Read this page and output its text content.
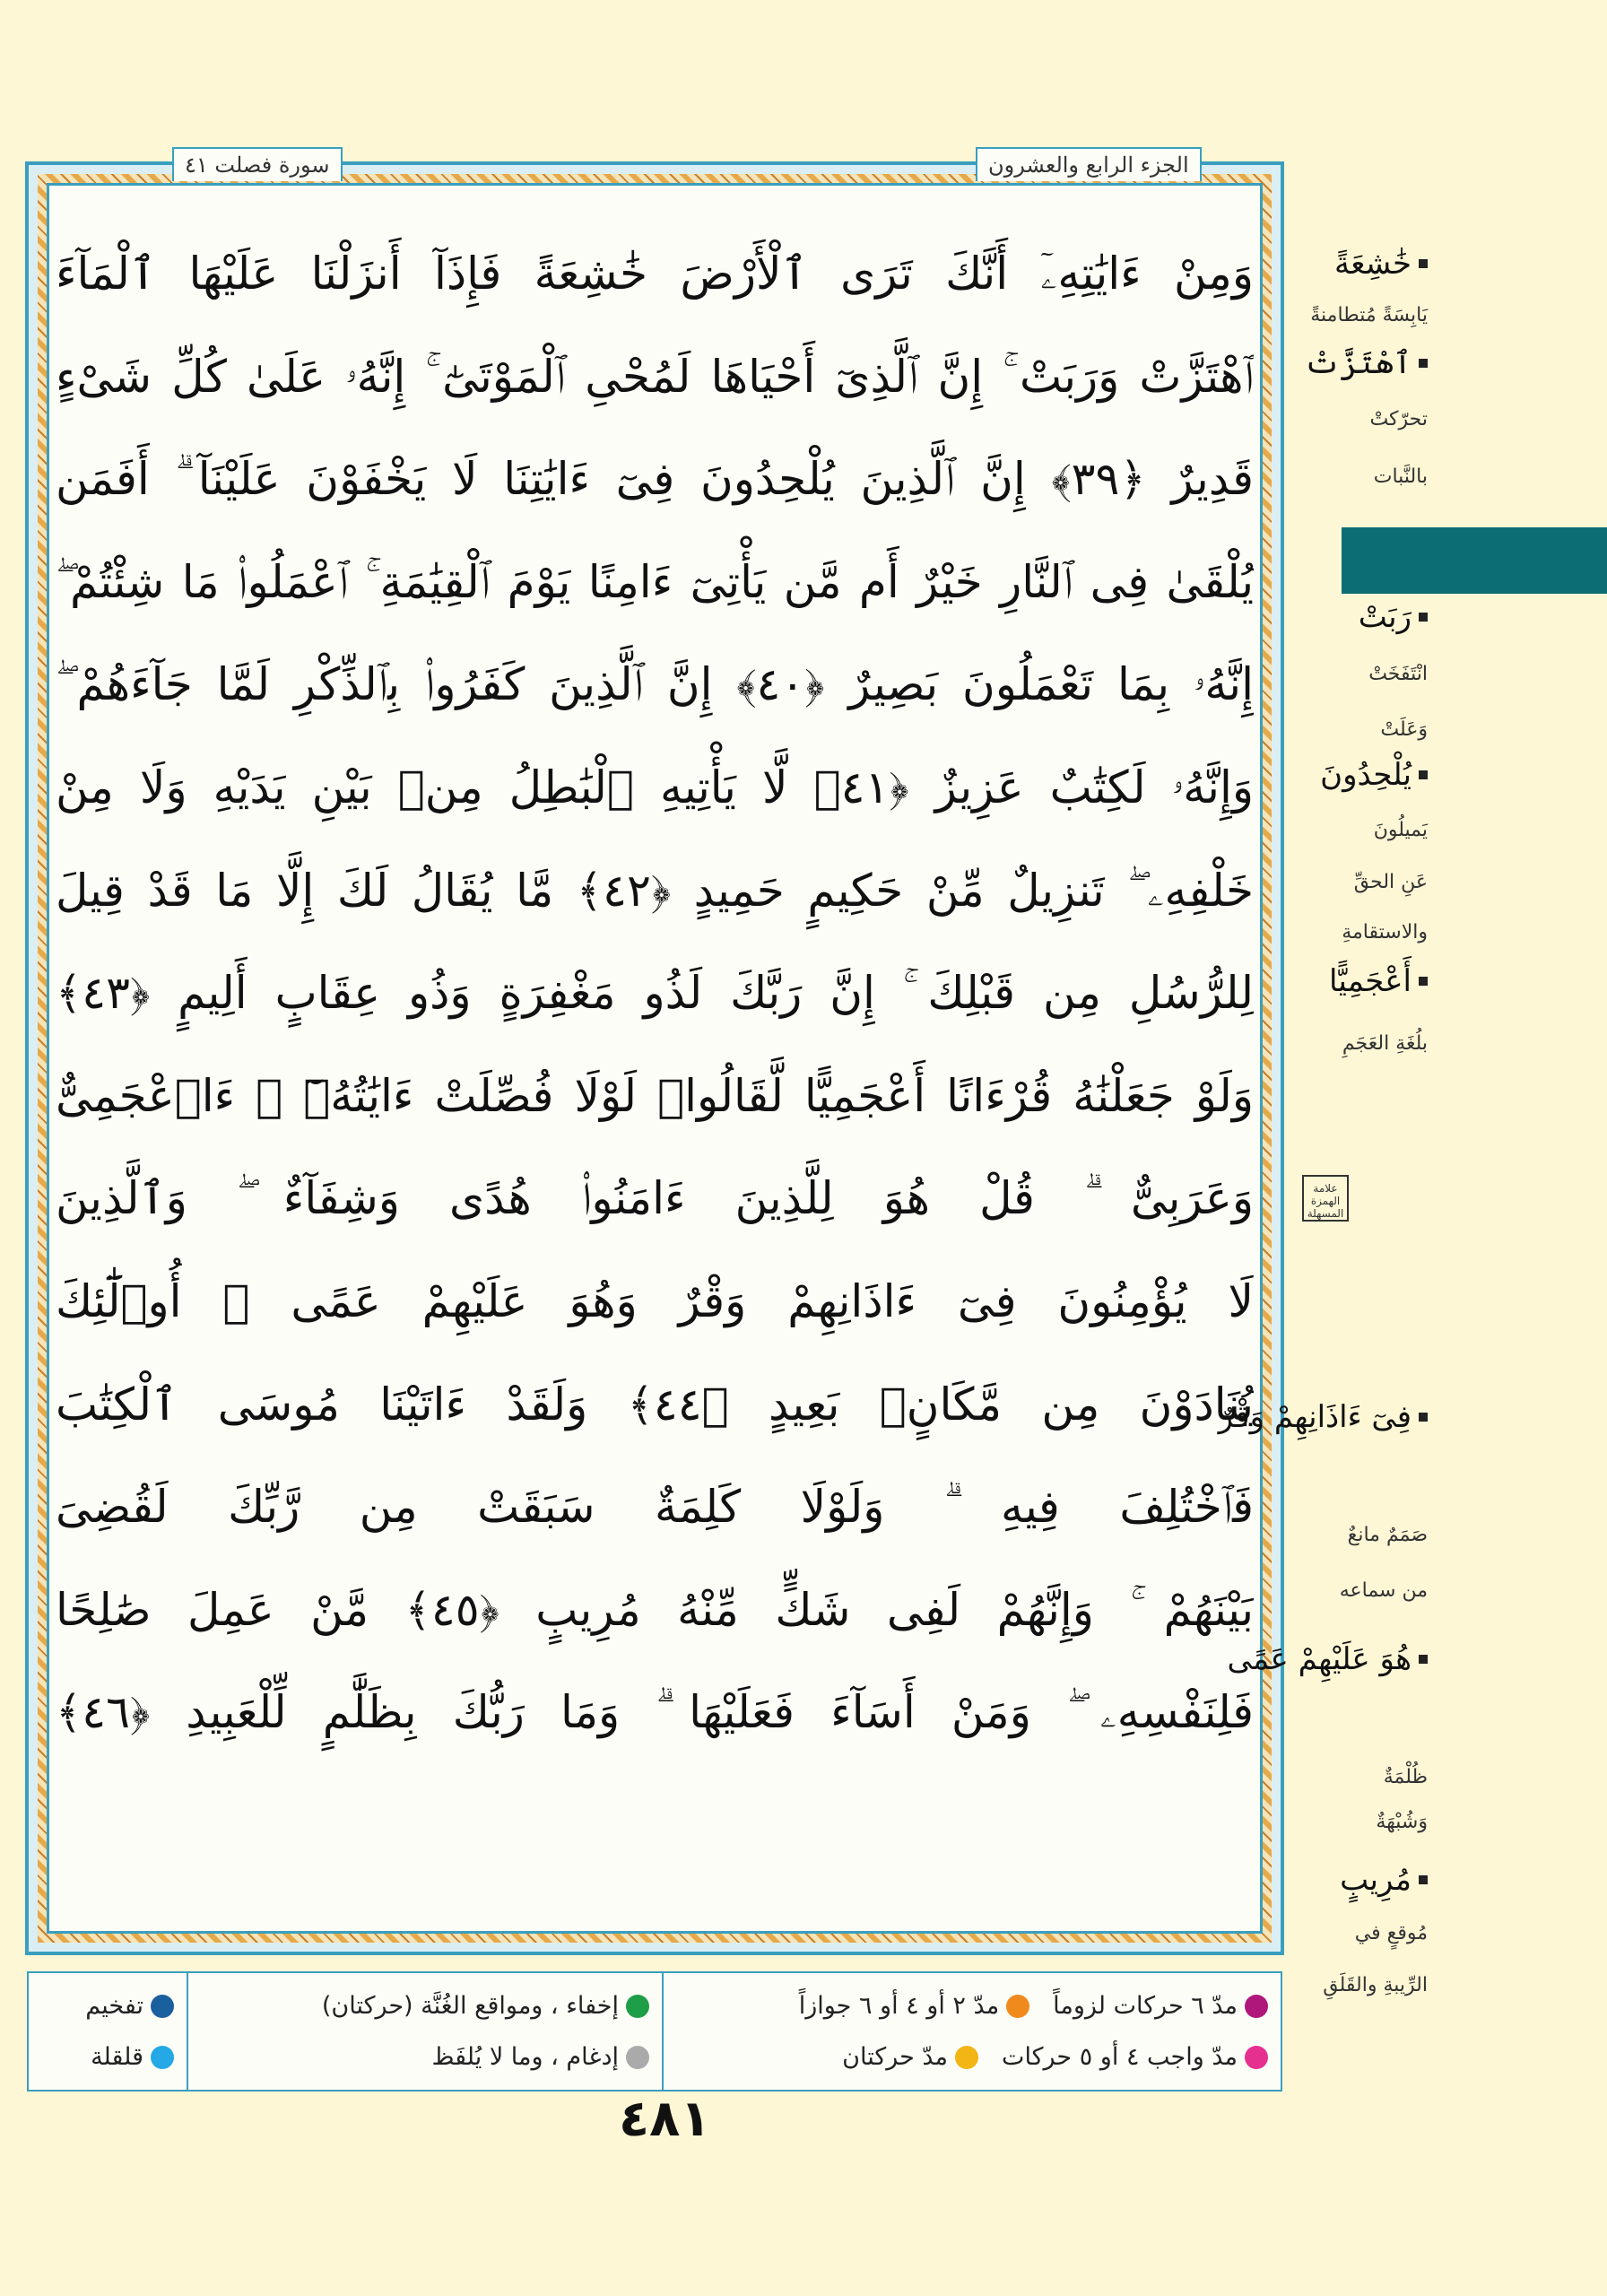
الجزء الرابع والعشرون
سورة فصلت ٤١
وَمِنْ ءَايَٰتِهِۦٓ أَنَّكَ تَرَى ٱلْأَرْضَ خَٰشِعَةً فَإِذَآ أَنزَلْنَا عَلَيْهَا ٱلْمَآءَ
ٱهْتَزَّتْ وَرَبَتْ ۚ إِنَّ ٱلَّذِىٓ أَحْيَاهَا لَمُحْىِ ٱلْمَوْتَىٰٓ ۚ إِنَّهُۥ عَلَىٰ كُلِّ شَىْءٍ
قَدِيرٌ ﴿٣٩﴾ إِنَّ ٱلَّذِينَ يُلْحِدُونَ فِىٓ ءَايَٰتِنَا لَا يَخْفَوْنَ عَلَيْنَآ ۗ أَفَمَن
يُلْقَىٰ فِى ٱلنَّارِ خَيْرٌ أَم مَّن يَأْتِىٓ ءَامِنًا يَوْمَ ٱلْقِيَٰمَةِ ۚ ٱعْمَلُوا۟ مَا شِئْتُمْ ۖ
إِنَّهُۥ بِمَا تَعْمَلُونَ بَصِيرٌ ﴿٤٠﴾ إِنَّ ٱلَّذِينَ كَفَرُوا۟ بِٱلذِّكْرِ لَمَّا جَآءَهُمْ ۖ
وَإِنَّهُۥ لَكِتَٰبٌ عَزِيزٌ ﴿٤١﴾ لَّا يَأْتِيهِ ٱلْبَٰطِلُ مِنۢ بَيْنِ يَدَيْهِ وَلَا مِنْ
خَلْفِهِۦ ۖ تَنزِيلٌ مِّنْ حَكِيمٍ حَمِيدٍ ﴿٤٢﴾ مَّا يُقَالُ لَكَ إِلَّا مَا قَدْ قِيلَ
لِلرُّسُلِ مِن قَبْلِكَ ۚ إِنَّ رَبَّكَ لَذُو مَغْفِرَةٍ وَذُو عِقَابٍ أَلِيمٍ ﴿٤٣﴾
وَلَوْ جَعَلْنَٰهُ قُرْءَانًا أَعْجَمِيًّا لَّقَالُوا۟ لَوْلَا فُصِّلَتْ ءَايَٰتُهُۥٓ ۖ ءَا۬عْجَمِىٌّ
وَعَرَبِىٌّ ۗ قُلْ هُوَ لِلَّذِينَ ءَامَنُوا۟ هُدًى وَشِفَآءٌ ۖ وَٱلَّذِينَ
لَا يُؤْمِنُونَ فِىٓ ءَاذَانِهِمْ وَقْرٌ وَهُوَ عَلَيْهِمْ عَمًى ۚ أُو۟لَٰٓئِكَ
يُنَادَوْنَ مِن مَّكَانٍۭ بَعِيدٍ ﴿٤٤﴾ وَلَقَدْ ءَاتَيْنَا مُوسَى ٱلْكِتَٰبَ
فَٱخْتُلِفَ فِيهِ ۗ وَلَوْلَا كَلِمَةٌ سَبَقَتْ مِن رَّبِّكَ لَقُضِىَ
بَيْنَهُمْ ۚ وَإِنَّهُمْ لَفِى شَكٍّ مِّنْهُ مُرِيبٍ ﴿٤٥﴾ مَّنْ عَمِلَ صَٰلِحًا
فَلِنَفْسِهِۦ ۖ وَمَنْ أَسَآءَ فَعَلَيْهَا ۗ وَمَا رَبُّكَ بِظَلَّٰمٍ لِّلْعَبِيدِ ﴿٤٦﴾
خَٰشِعَةً
يَابِسَةً مُتطامنةً
ٱهْتَزَّتْ
تحرّكتْ
بالنَّبات
رَبَتْ
انْتَفَخَتْ
وَعَلَتْ
يُلْحِدُونَ
يَميلُونَ
عَنِ الحقِّ
والاستقامةِ
أَعْجَمِيًّا
بلُغَةِ العَجَمِ
فِىٓ ءَاذَانِهِمْ وَقْرٌ
صَمَمٌ مانعٌ
من سماعه
هُوَ عَلَيْهِمْ عَمًى
ظُلْمَةٌ
وَشُبْهَةٌ
مُرِيبٍ
مُوقعٍ في
الرِّيبةِ والقَلَقِ
علامة الهمزة المسهلة
مدّ ٦ حركات لزوماً
مدّ ٢ أو ٤ أو ٦ جوازاً
مدّ واجب ٤ أو ٥ حركات
مدّ حركتان
إخفاء ، ومواقع الغُنَّة (حركتان)
إدغام ، وما لا يُلفَظ
تفخيم
قلقلة
٤٨١
